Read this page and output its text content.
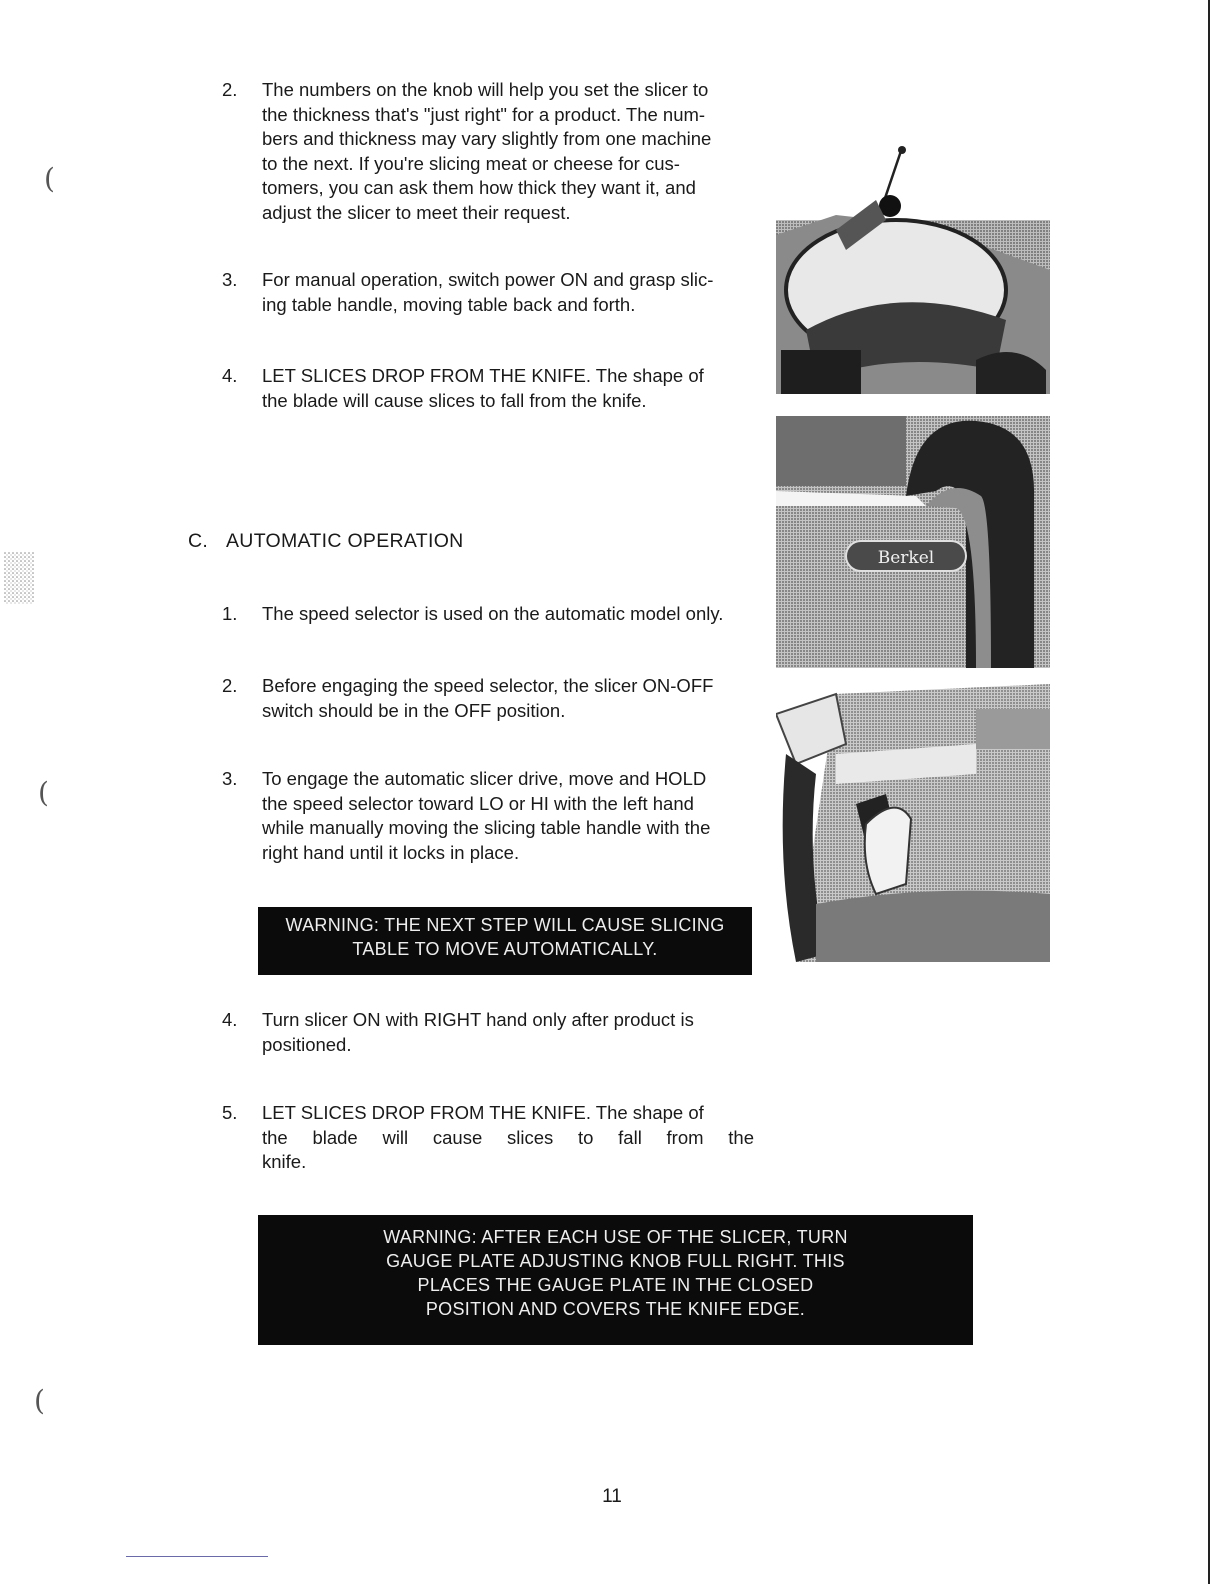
2.	The numbers on the knob will help you set the slicer to
the thickness that's "just right" for a product. The num-
bers and thickness may vary slightly from one machine
to the next. If you're slicing meat or cheese for cus-
tomers, you can ask them how thick they want it, and
adjust the slicer to meet their request.
3.	For manual operation, switch power ON and grasp slic-
ing table handle, moving table back and forth.
4.	LET SLICES DROP FROM THE KNIFE. The shape of
the blade will cause slices to fall from the knife.
C. AUTOMATIC OPERATION
1.	The speed selector is used on the automatic model only.
2.	Before engaging the speed selector, the slicer ON-OFF
switch should be in the OFF position.
3.	To engage the automatic slicer drive, move and HOLD
the speed selector toward LO or HI with the left hand
while manually moving the slicing table handle with the
right hand until it locks in place.
WARNING: THE NEXT STEP WILL CAUSE SLICING
TABLE TO MOVE AUTOMATICALLY.
4.	Turn slicer ON with RIGHT hand only after product is
positioned.
5.	LET SLICES DROP FROM THE KNIFE. The shape of
the blade will cause slices to fall from the knife.
WARNING: AFTER EACH USE OF THE SLICER, TURN
GAUGE PLATE ADJUSTING KNOB FULL RIGHT. THIS
PLACES THE GAUGE PLATE IN THE CLOSED
POSITION AND COVERS THE KNIFE EDGE.
Berkel
11
(
(
(
